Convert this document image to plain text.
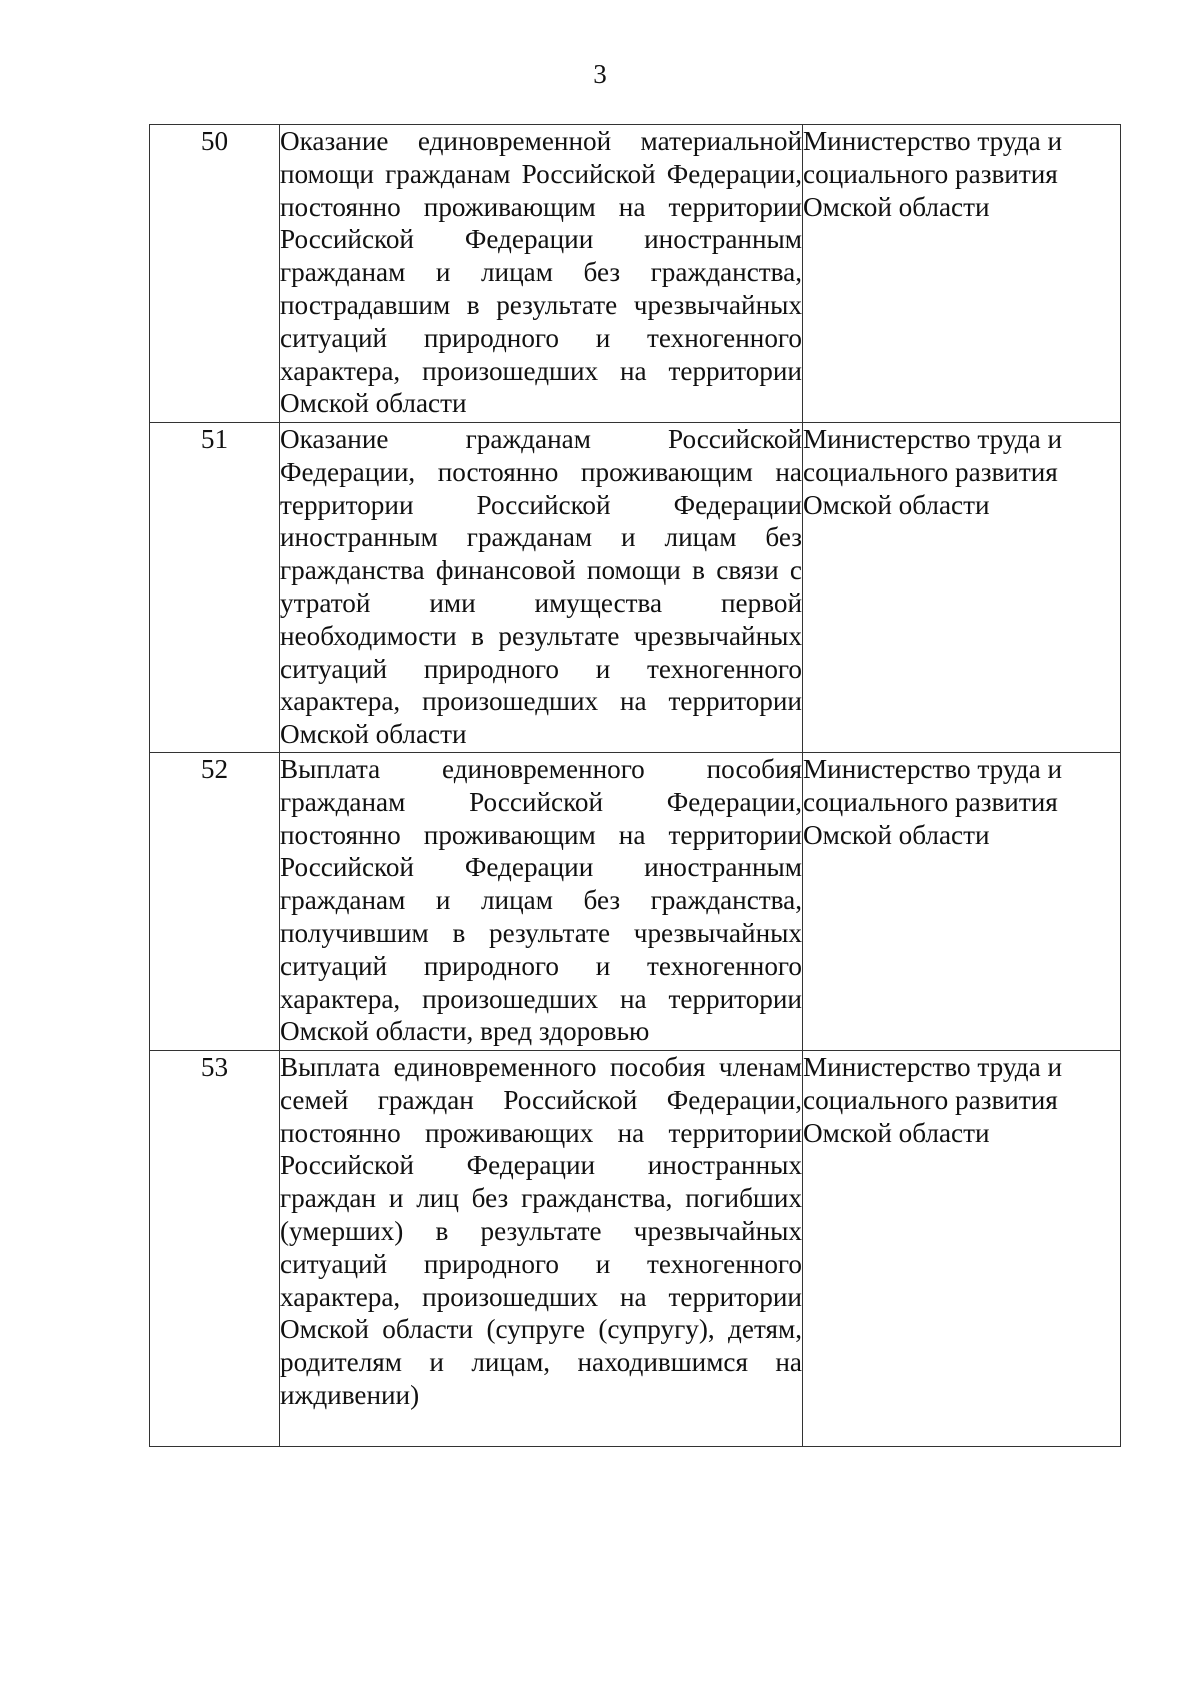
3
50	Оказание единовременной материальной помощи гражданам Российской Федерации, постоянно проживающим на территории Российской Федерации иностранным гражданам и лицам без гражданства, пострадавшим в результате чрезвычайных ситуаций природного и техногенного характера, произошедших на территории Омской области	Министерство труда и социального развития Омской области
51	Оказание гражданам Российской Федерации, постоянно проживающим на территории Российской Федерации иностранным гражданам и лицам без гражданства финансовой помощи в связи с утратой ими имущества первой необходимости в результате чрезвычайных ситуаций природного и техногенного характера, произошедших на территории Омской области	Министерство труда и социального развития Омской области
52	Выплата единовременного пособия гражданам Российской Федерации, постоянно проживающим на территории Российской Федерации иностранным гражданам и лицам без гражданства, получившим в результате чрезвычайных ситуаций природного и техногенного характера, произошедших на территории Омской области, вред здоровью	Министерство труда и социального развития Омской области
53	Выплата единовременного пособия членам семей граждан Российской Федерации, постоянно проживающих на территории Российской Федерации иностранных граждан и лиц без гражданства, погибших (умерших) в результате чрезвычайных ситуаций природного и техногенного характера, произошедших на территории Омской области (супруге (супругу), детям, родителям и лицам, находившимся на иждивении)	Министерство труда и социального развития Омской области
